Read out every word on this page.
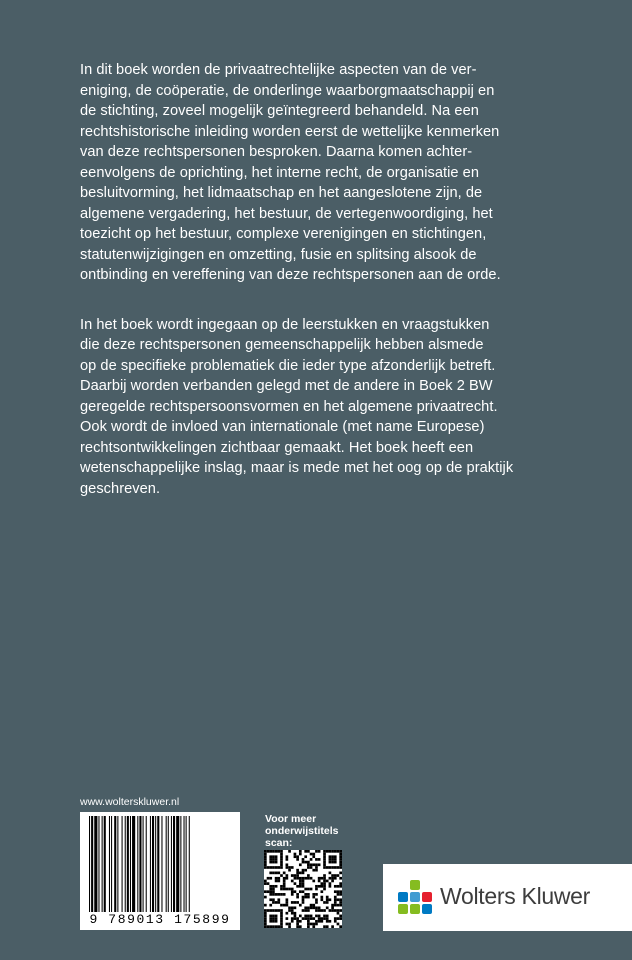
In dit boek worden de privaatrechtelijke aspecten van de ver-
eniging, de coöperatie, de onderlinge waarborgmaatschappij en
de stichting, zoveel mogelijk geïntegreerd behandeld. Na een
rechtshistorische inleiding worden eerst de wettelijke kenmerken
van deze rechtspersonen besproken. Daarna komen achter-
eenvolgens de oprichting, het interne recht, de organisatie en
besluitvorming, het lidmaatschap en het aangeslotene zijn, de
algemene vergadering, het bestuur, de vertegenwoordiging, het
toezicht op het bestuur, complexe verenigingen en stichtingen,
statutenwijzigingen en omzetting, fusie en splitsing alsook de
ontbinding en vereffening van deze rechtspersonen aan de orde.

In het boek wordt ingegaan op de leerstukken en vraagstukken
die deze rechtspersonen gemeenschappelijk hebben alsmede
op de specifieke problematiek die ieder type afzonderlijk betreft.
Daarbij worden verbanden gelegd met de andere in Boek 2 BW
geregelde rechtspersoonsvormen en het algemene privaatrecht.
Ook wordt de invloed van internationale (met name Europese)
rechtsontwikkelingen zichtbaar gemaakt. Het boek heeft een
wetenschappelijke inslag, maar is mede met het oog op de praktijk
geschreven.

www.wolterskluwer.nl
9 789013 175899
Voor meer
onderwijstitels
scan:
Wolters Kluwer
